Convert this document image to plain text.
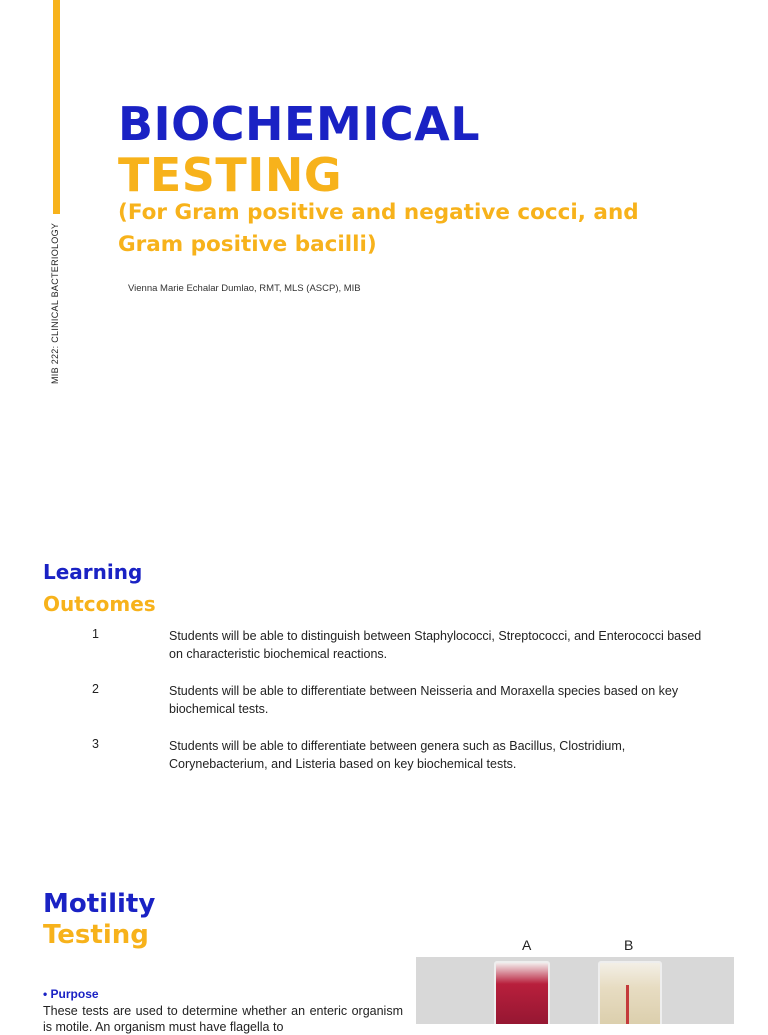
MIB 222: CLINICAL BACTERIOLOGY
BIOCHEMICAL
TESTING
(For Gram positive and negative cocci, and Gram positive bacilli)
Vienna Marie Echalar Dumlao, RMT, MLS (ASCP), MIB
Learning
Outcomes
1	Students will be able to distinguish between Staphylococci, Streptococci, and Enterococci based on characteristic biochemical reactions.
2	Students will be able to differentiate between Neisseria and Moraxella species based on key biochemical tests.
3	Students will be able to differentiate between genera such as Bacillus, Clostridium, Corynebacterium, and Listeria based on key biochemical tests.
Motility
Testing
• Purpose
These tests are used to determine whether an enteric organism is motile. An organism must have flagella to
A	B
